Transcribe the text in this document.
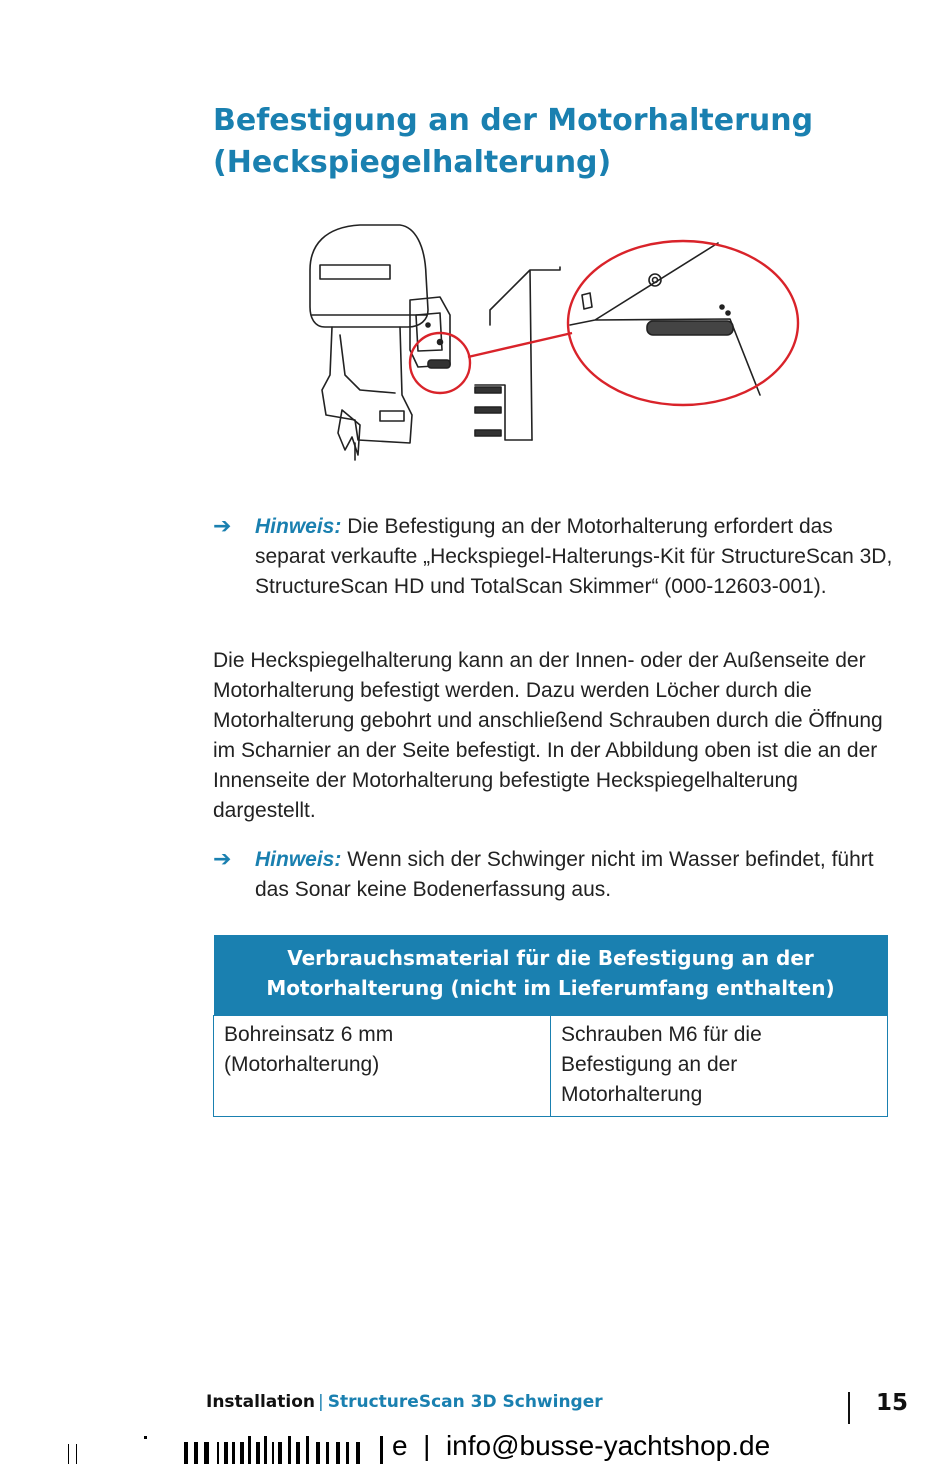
Befestigung an der Motorhalterung
(Heckspiegelhalterung)
➔	Hinweis: Die Befestigung an der Motorhalterung erfordert das separat verkaufte „Heckspiegel-Halterungs-Kit für StructureScan 3D, StructureScan HD und TotalScan Skimmer“ (000-12603-001).

Die Heckspiegelhalterung kann an der Innen- oder der Außenseite der Motorhalterung befestigt werden. Dazu werden Löcher durch die Motorhalterung gebohrt und anschließend Schrauben durch die Öffnung im Scharnier an der Seite befestigt. In der Abbildung oben ist die an der Innenseite der Motorhalterung befestigte Heckspiegelhalterung dargestellt.

➔	Hinweis: Wenn sich der Schwinger nicht im Wasser befindet, führt das Sonar keine Bodenerfassung aus.
Verbrauchsmaterial für die Befestigung an der Motorhalterung (nicht im Lieferumfang enthalten)
Bohreinsatz 6 mm (Motorhalterung)	Schrauben M6 für die Befestigung an der Motorhalterung
Installation | StructureScan 3D Schwinger	15
e  |  info@busse-yachtshop.de
